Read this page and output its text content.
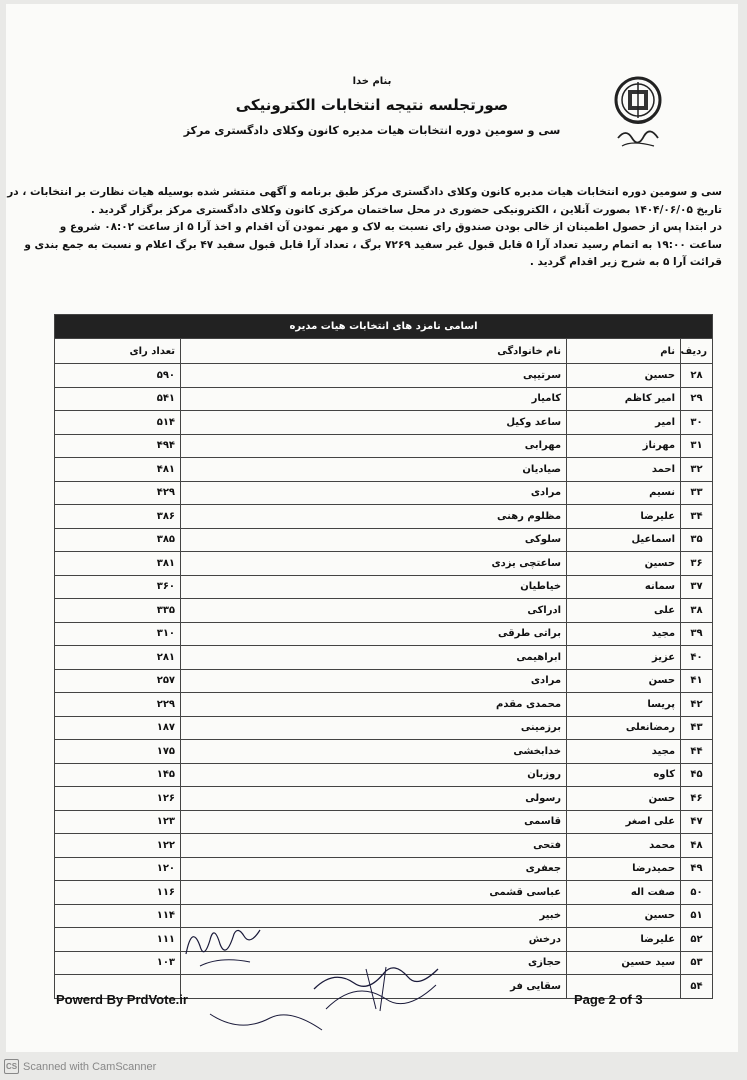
بنام خدا
صورتجلسه نتیجه انتخابات الکترونیکی
سی و سومین دوره انتخابات هیات مدیره کانون وکلای دادگستری مرکز

سی و سومین دوره انتخابات هیات مدیره کانون وکلای دادگستری مرکز طبق برنامه و آگهی منتشر شده بوسیله هیات نظارت بر انتخابات ، در

تاریخ ۱۴۰۴/۰۶/۰۵ بصورت آنلاین ، الکترونیکی حضوری در محل ساختمان مرکزی کانون وکلای دادگستری مرکز برگزار گردید .

در ابتدا پس از حصول اطمینان از خالی بودن صندوق رای نسبت به لاک و مهر نمودن آن اقدام و اخذ آرا ۵ از ساعت ۰۸:۰۲ شروع و

ساعت ۱۹:۰۰ به اتمام رسید تعداد آرا ۵ قابل قبول غیر سفید ۷۲۶۹ برگ ، تعداد آرا قابل قبول سفید ۴۷ برگ اعلام و نسبت به جمع بندی و

قرائت آرا ۵ به شرح زیر اقدام گردید .

اسامی نامزد های انتخابات هیات مدیره			
ردیف	نام	نام خانوادگی	تعداد رای
۲۸	حسین	سرتیپی	۵۹۰
۲۹	امیر کاظم	کامیار	۵۴۱
۳۰	امیر	ساعد وکیل	۵۱۴
۳۱	مهرناز	مهرابی	۴۹۴
۳۲	احمد	صیادیان	۴۸۱
۳۳	نسیم	مرادی	۴۲۹
۳۴	علیرضا	مظلوم رهنی	۳۸۶
۳۵	اسماعیل	سلوکی	۳۸۵
۳۶	حسین	ساعتچی یزدی	۳۸۱
۳۷	سمانه	خیاطیان	۳۶۰
۳۸	علی	ادراکی	۳۳۵
۳۹	مجید	براتی طرقی	۳۱۰
۴۰	عزیز	ابراهیمی	۲۸۱
۴۱	حسن	مرادی	۲۵۷
۴۲	پریسا	محمدی مقدم	۲۲۹
۴۳	رمضانعلی	برزمینی	۱۸۷
۴۴	مجید	خدابخشی	۱۷۵
۴۵	کاوه	روزبان	۱۴۵
۴۶	حسن	رسولی	۱۲۶
۴۷	علی اصغر	قاسمی	۱۲۳
۴۸	محمد	فتحی	۱۲۲
۴۹	حمیدرضا	جعفری	۱۲۰
۵۰	صفت اله	عباسی قشمی	۱۱۶
۵۱	حسین	خبیر	۱۱۴
۵۲	علیرضا	درخش	۱۱۱
۵۳	سید حسین	حجازی	۱۰۳
۵۴		سقایی فر	
Powerd By PrdVote.ir	Page 2 of 3
CS Scanned with CamScanner
